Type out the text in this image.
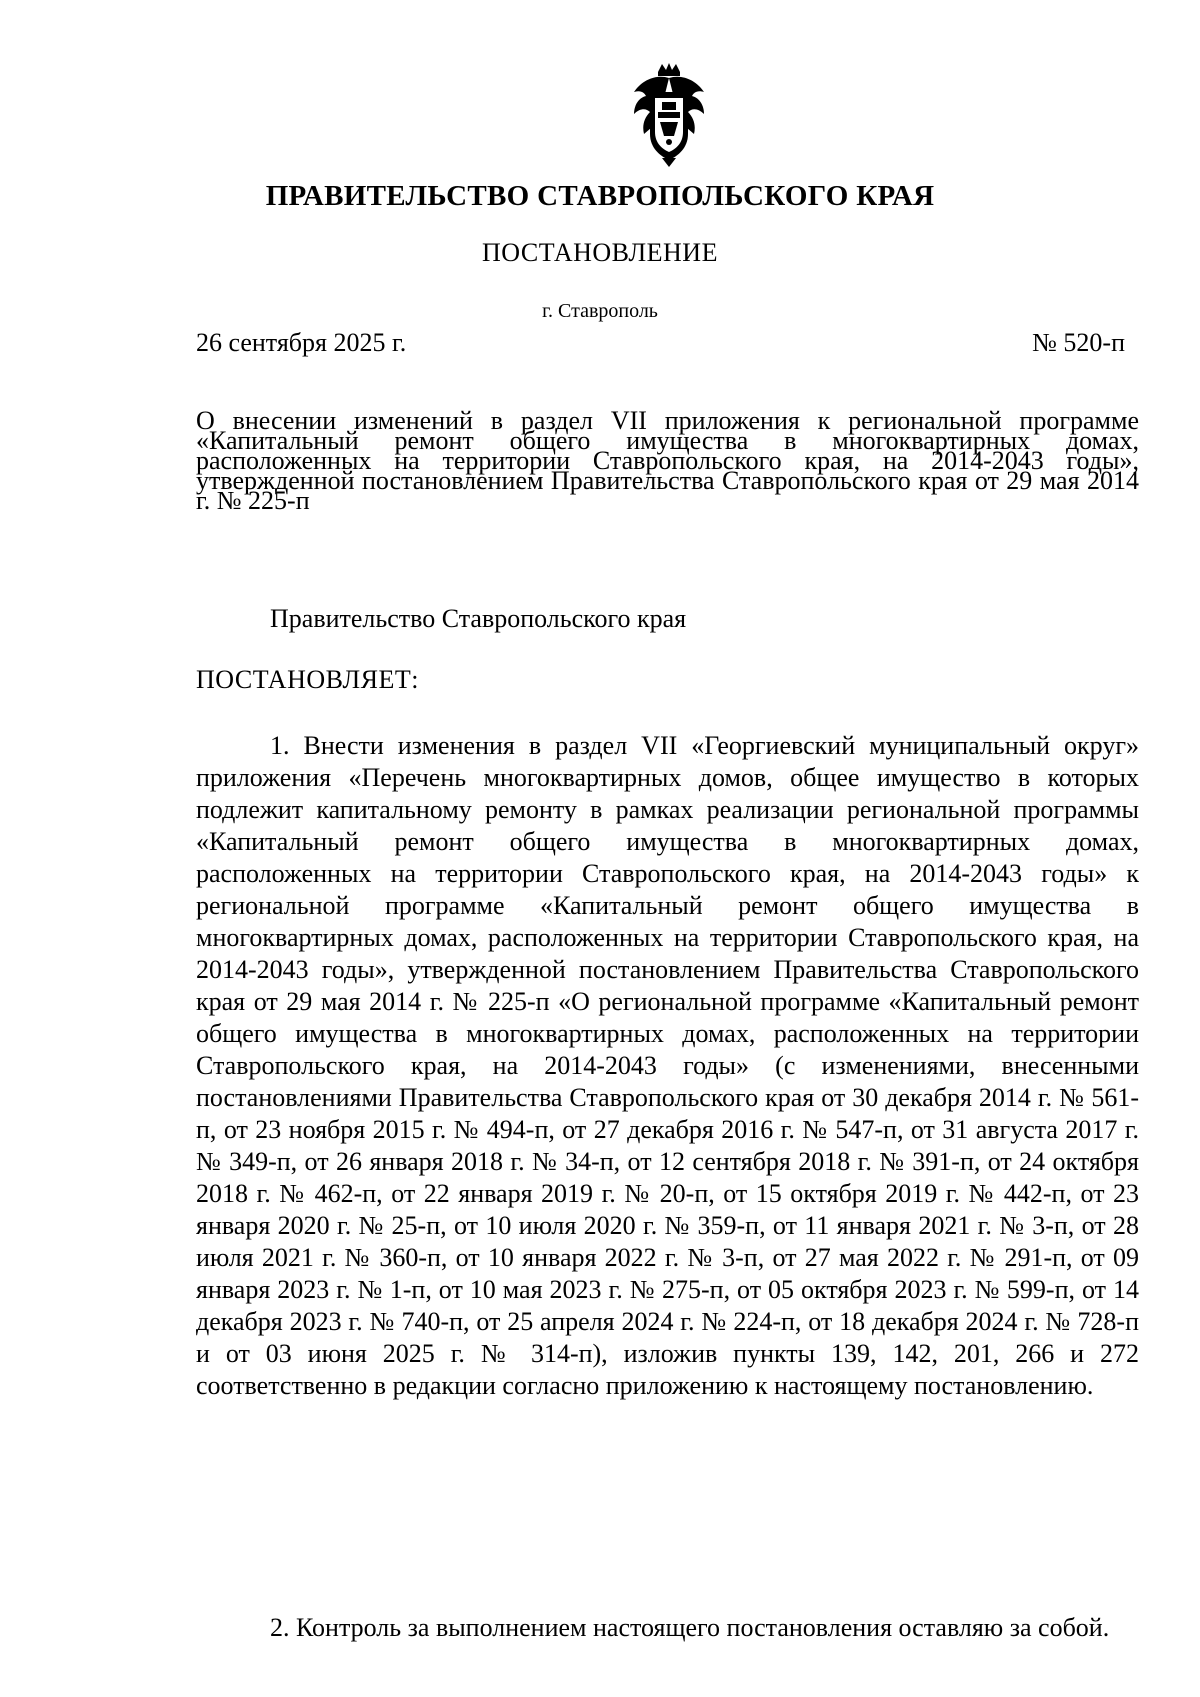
ПРАВИТЕЛЬСТВО СТАВРОПОЛЬСКОГО КРАЯ
ПОСТАНОВЛЕНИЕ
г. Ставрополь
26 сентября 2025 г.	№ 520-п
О внесении изменений в раздел VII приложения к региональной программе «Капитальный ремонт общего имущества в многоквартирных домах, расположенных на территории Ставропольского края, на 2014-2043 годы», утвержденной постановлением Правительства Ставропольского края от 29 мая 2014 г. № 225-п
Правительство Ставропольского края
ПОСТАНОВЛЯЕТ:
1. Внести изменения в раздел VII «Георгиевский муниципальный округ» приложения «Перечень многоквартирных домов, общее имущество в которых подлежит капитальному ремонту в рамках реализации региональной программы «Капитальный ремонт общего имущества в многоквартирных домах, расположенных на территории Ставропольского края, на 2014-2043 годы» к региональной программе «Капитальный ремонт общего имущества в многоквартирных домах, расположенных на территории Ставропольского края, на 2014-2043 годы», утвержденной постановлением Правительства Ставропольского края от 29 мая 2014 г. № 225-п «О региональной программе «Капитальный ремонт общего имущества в многоквартирных домах, расположенных на территории Ставропольского края, на 2014-2043 годы» (с изменениями, внесенными постановлениями Правительства Ставропольского края от 30 декабря 2014 г. № 561-п, от 23 ноября 2015 г. № 494-п, от 27 декабря 2016 г. № 547-п, от 31 августа 2017 г. № 349-п, от 26 января 2018 г. № 34-п, от 12 сентября 2018 г. № 391-п, от 24 октября 2018 г. № 462-п, от 22 января 2019 г. № 20-п, от 15 октября 2019 г. № 442-п, от 23 января 2020 г. № 25-п, от 10 июля 2020 г. № 359-п, от 11 января 2021 г. № 3-п, от 28 июля 2021 г. № 360-п, от 10 января 2022 г. № 3-п, от 27 мая 2022 г. № 291-п, от 09 января 2023 г. № 1-п, от 10 мая 2023 г. № 275-п, от 05 октября 2023 г. № 599-п, от 14 декабря 2023 г. № 740-п, от 25 апреля 2024 г. № 224-п, от 18 декабря 2024 г. № 728-п и от 03 июня 2025 г. № 314-п), изложив пункты 139, 142, 201, 266 и 272 соответственно в редакции согласно приложению к настоящему постановлению.
2. Контроль за выполнением настоящего постановления оставляю за собой.
